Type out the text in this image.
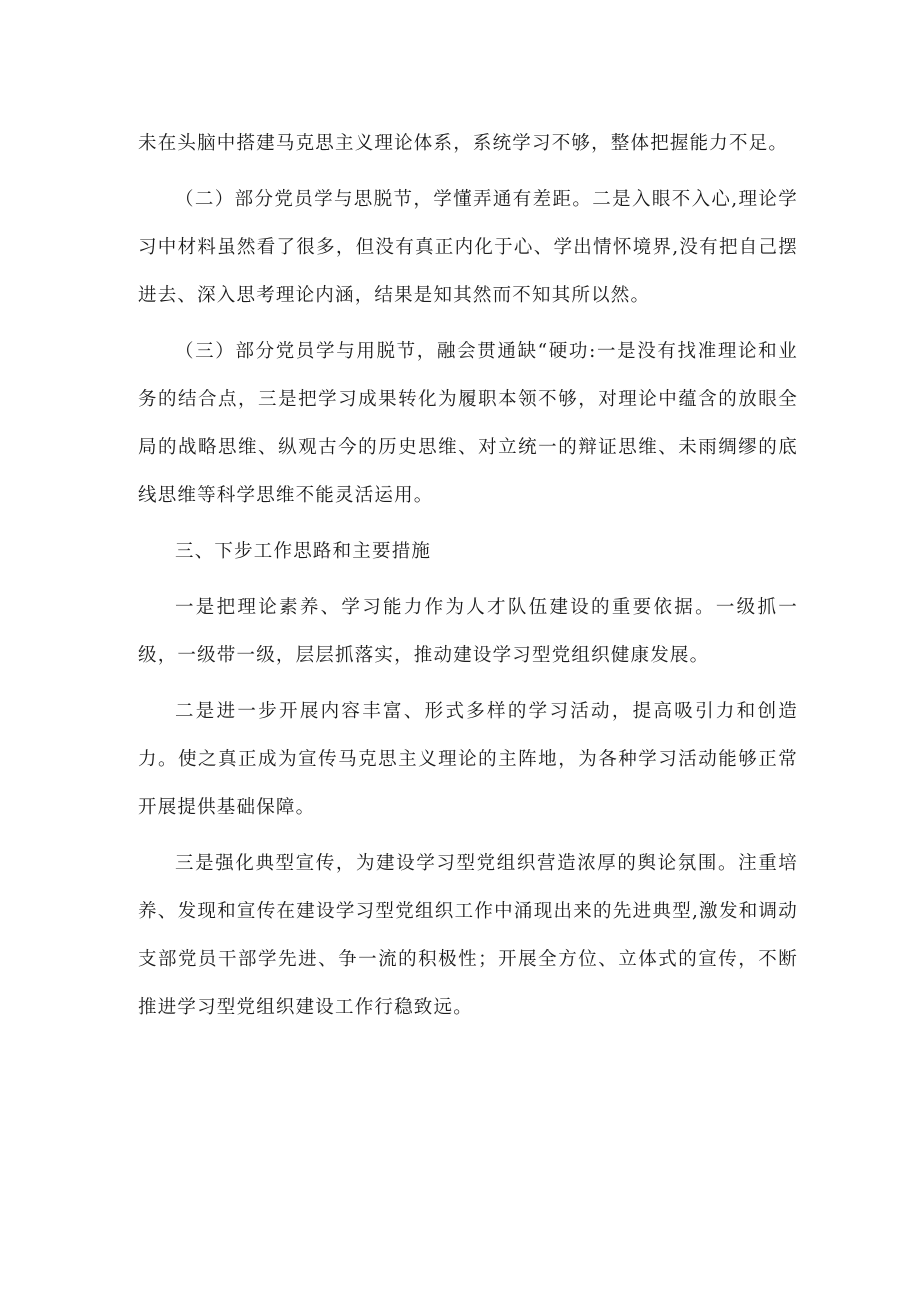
未在头脑中搭建马克思主义理论体系，系统学习不够，整体把握能力不足。

（二）部分党员学与思脱节，学懂弄通有差距。二是入眼不入心,理论学习中材料虽然看了很多，但没有真正内化于心、学出情怀境界,没有把自己摆进去、深入思考理论内涵，结果是知其然而不知其所以然。

（三）部分党员学与用脱节，融会贯通缺“硬功:一是没有找准理论和业务的结合点，三是把学习成果转化为履职本领不够，对理论中蕴含的放眼全局的战略思维、纵观古今的历史思维、对立统一的辩证思维、未雨绸缪的底线思维等科学思维不能灵活运用。

三、下步工作思路和主要措施

一是把理论素养、学习能力作为人才队伍建设的重要依据。一级抓一级，一级带一级，层层抓落实，推动建设学习型党组织健康发展。

二是进一步开展内容丰富、形式多样的学习活动，提高吸引力和创造力。使之真正成为宣传马克思主义理论的主阵地，为各种学习活动能够正常开展提供基础保障。

三是强化典型宣传，为建设学习型党组织营造浓厚的舆论氛围。注重培养、发现和宣传在建设学习型党组织工作中涌现出来的先进典型,激发和调动支部党员干部学先进、争一流的积极性；开展全方位、立体式的宣传，不断推进学习型党组织建设工作行稳致远。
